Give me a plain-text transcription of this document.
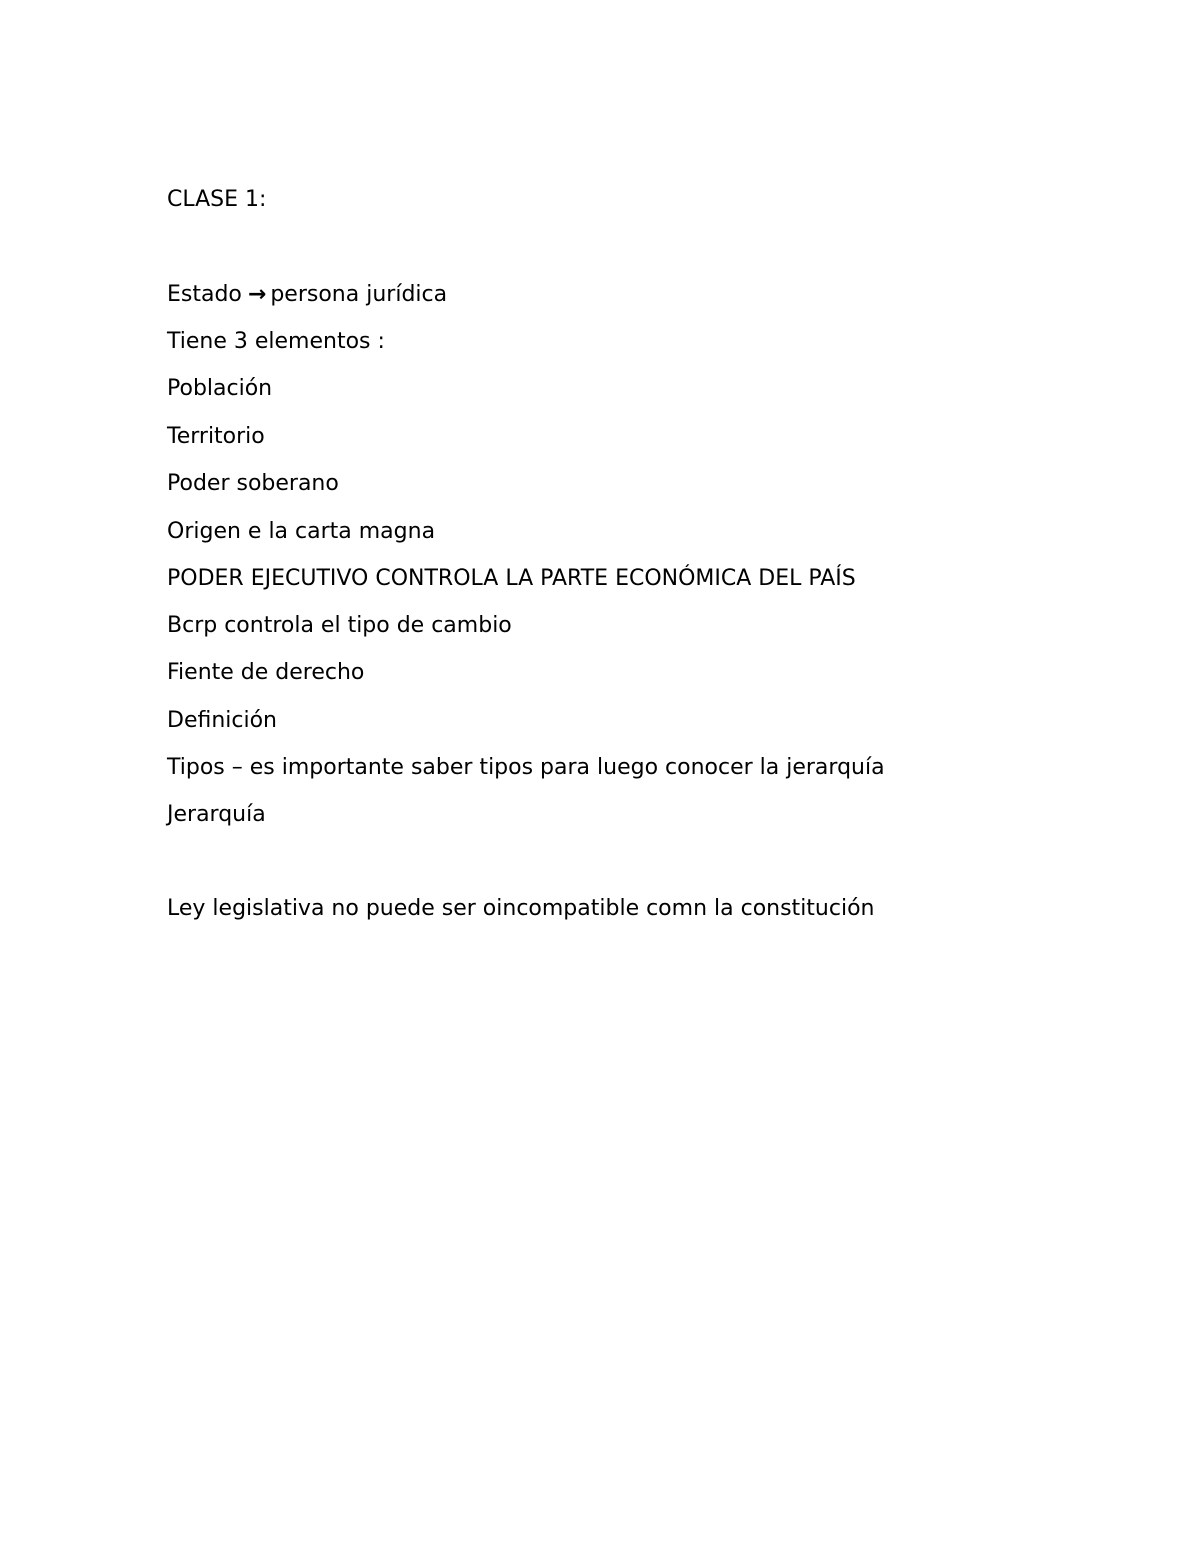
CLASE 1:
Estado → persona jurídica
Tiene 3 elementos :
Población
Territorio
Poder soberano
Origen e la carta magna
PODER EJECUTIVO CONTROLA LA PARTE ECONÓMICA DEL PAÍS
Bcrp controla el tipo de cambio
Fiente de derecho
Definición
Tipos – es importante saber tipos para luego conocer la jerarquía
Jerarquía
Ley legislativa no puede ser oincompatible comn la constitución
